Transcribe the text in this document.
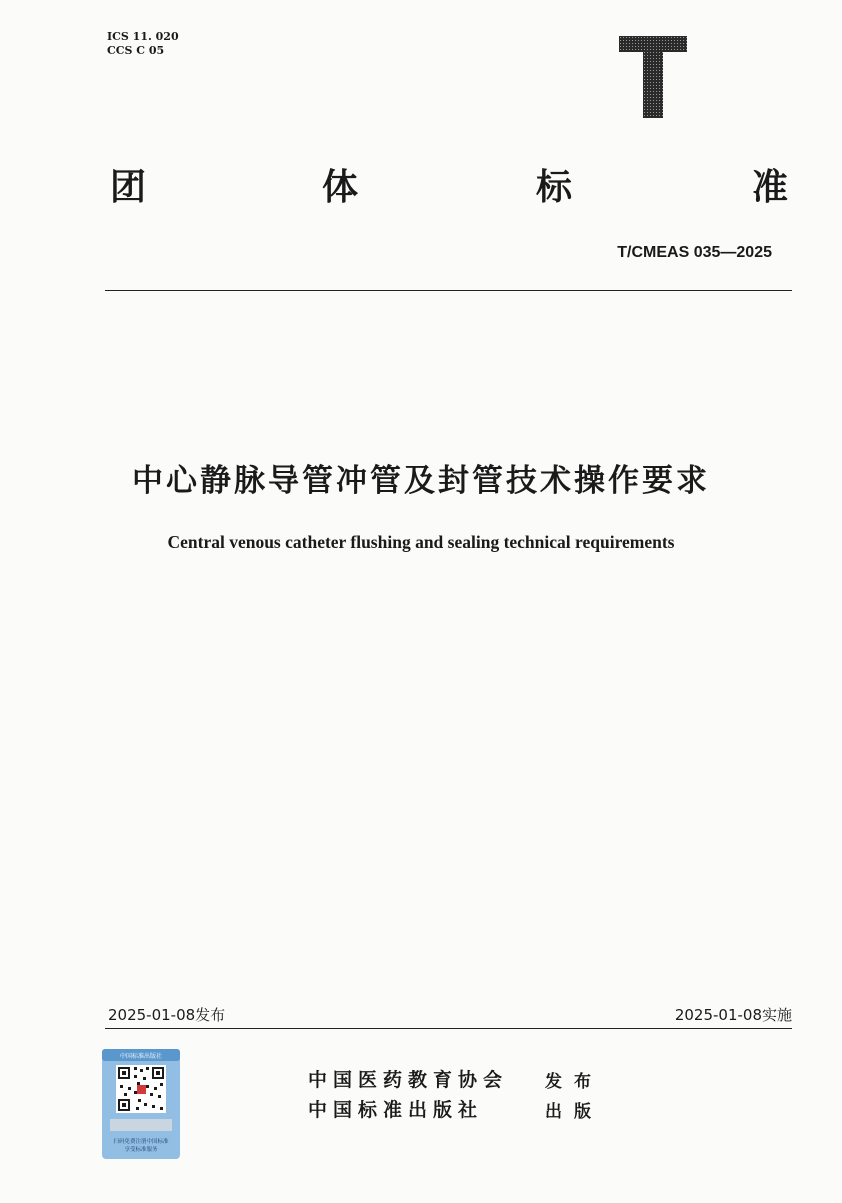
ICS 11. 020
CCS C 05
团	体	标	准
T/CMEAS 035—2025
中心静脉导管冲管及封管技术操作要求
Central venous catheter flushing and sealing technical requirements
2025-01-08发布	2025-01-08实施
中国标准出版社
扫码免费注册中国标准
享受标准服务
中国医药教育协会 发布
中国标准出版社	出版
